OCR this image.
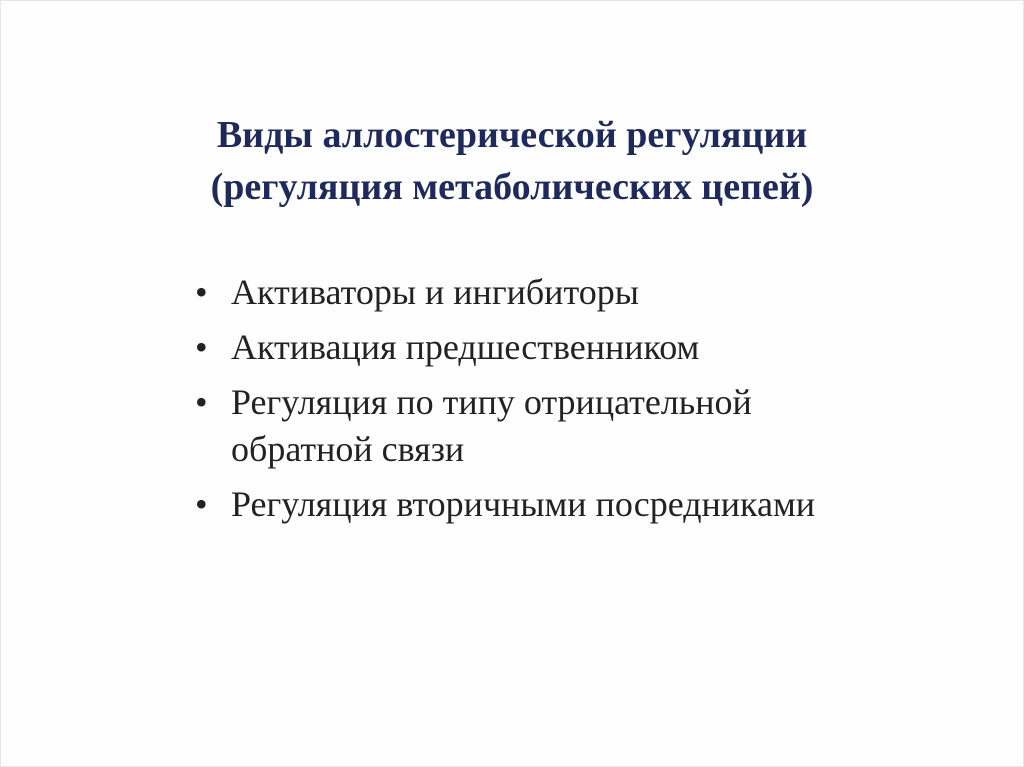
Виды аллостерической регуляции
(регуляция метаболических цепей)
• Активаторы и ингибиторы
• Активация предшественником
• Регуляция по типу отрицательной
обратной связи
• Регуляция вторичными посредниками
